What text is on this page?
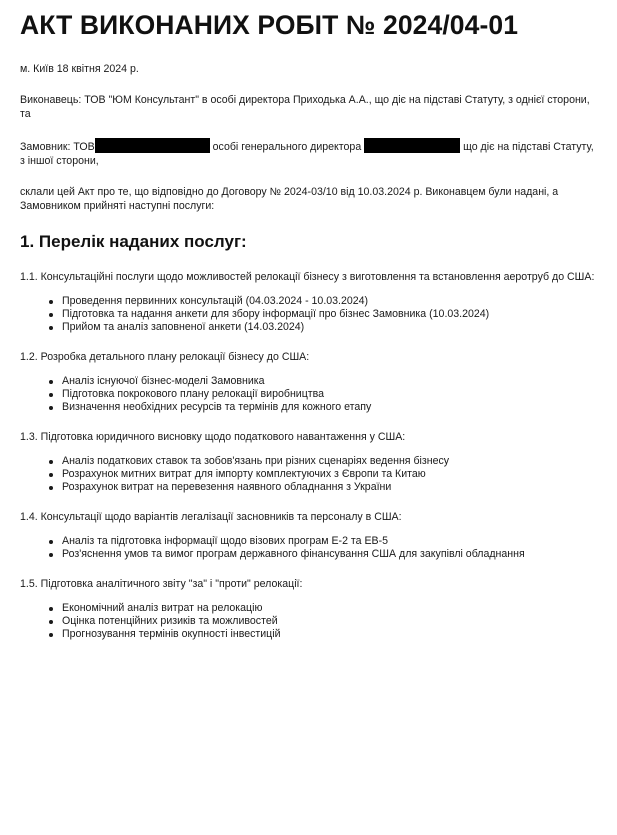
АКТ ВИКОНАНИХ РОБІТ № 2024/04-01

м. Київ 18 квітня 2024 р.

Виконавець: ТОВ "ЮМ Консультант" в особі директора Приходька А.А., що діє на підставі Статуту, з однієї сторони, та

Замовник: ТОВ	особі генерального директора	що діє на підставі Статуту, з іншої сторони,

склали цей Акт про те, що відповідно до Договору № 2024-03/10 від 10.03.2024 р. Виконавцем були надані, а Замовником прийняті наступні послуги:

1. Перелік наданих послуг:

1.1. Консультаційні послуги щодо можливостей релокації бізнесу з виготовлення та встановлення аеротруб до США:

Проведення первинних консультацій (04.03.2024 - 10.03.2024)
Підготовка та надання анкети для збору інформації про бізнес Замовника (10.03.2024)
Прийом та аналіз заповненої анкети (14.03.2024)

1.2. Розробка детального плану релокації бізнесу до США:

Аналіз існуючої бізнес-моделі Замовника
Підготовка покрокового плану релокації виробництва
Визначення необхідних ресурсів та термінів для кожного етапу

1.3. Підготовка юридичного висновку щодо податкового навантаження у США:

Аналіз податкових ставок та зобов'язань при різних сценаріях ведення бізнесу
Розрахунок митних витрат для імпорту комплектуючих з Європи та Китаю
Розрахунок витрат на перевезення наявного обладнання з України

1.4. Консультації щодо варіантів легалізації засновників та персоналу в США:

Аналіз та підготовка інформації щодо візових програм E-2 та EB-5
Роз'яснення умов та вимог програм державного фінансування США для закупівлі обладнання

1.5. Підготовка аналітичного звіту "за" і "проти" релокації:

Економічний аналіз витрат на релокацію
Оцінка потенційних ризиків та можливостей
Прогнозування термінів окупності інвестицій
